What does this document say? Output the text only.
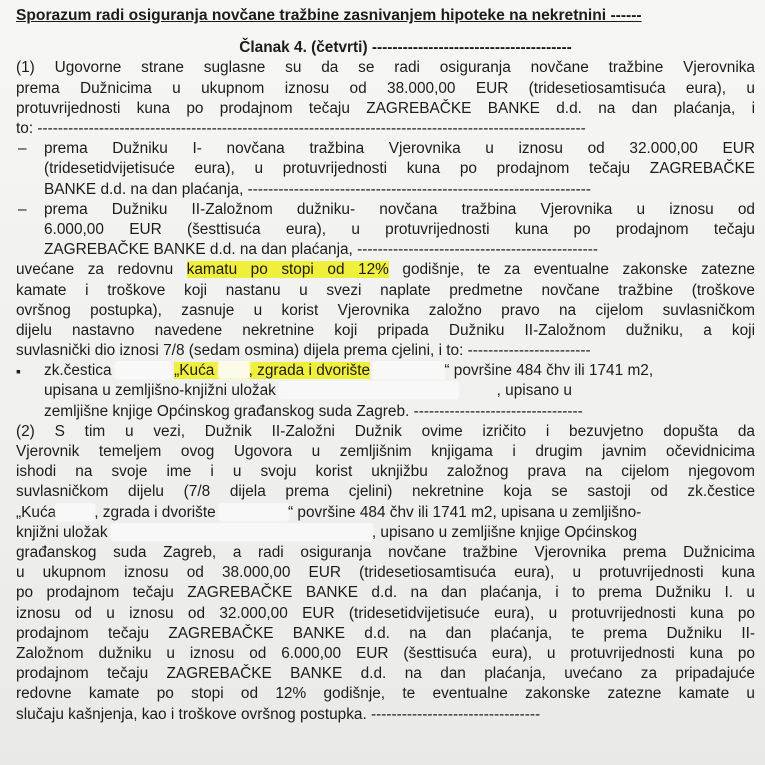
Sporazum radi osiguranja novčane tražbine zasnivanjem hipoteke na nekretnini ------
Članak 4. (četvrti) ---------------------------------------
(1) Ugovorne strane suglasne su da se radi osiguranja novčane tražbine Vjerovnika
prema Dužnicima u ukupnom iznosu od 38.000,00 EUR (tridesetiosamtisuća eura), u
protuvrijednosti kuna po prodajnom tečaju ZAGREBAČKE BANKE d.d. na dan plaćanja, i
to: -----------------------------------------------------------------------------------------------------------
– prema Dužniku I- novčana tražbina Vjerovnika u iznosu od 32.000,00 EUR
(tridesetidvijetisuće eura), u protuvrijednosti kuna po prodajnom tečaju ZAGREBAČKE
BANKE d.d. na dan plaćanja, -------------------------------------------------------------------
– prema Dužniku II-Založnom dužniku- novčana tražbina Vjerovnika u iznosu od
6.000,00 EUR (šesttisuća eura), u protuvrijednosti kuna po prodajnom tečaju
ZAGREBAČKE BANKE d.d. na dan plaćanja, -----------------------------------------------
uvećane za redovnu kamatu po stopi od 12% godišnje, te za eventualne zakonske zatezne
kamate i troškove koji nastanu u svezi naplate predmetne novčane tražbine (troškove
ovršnog postupka), zasnuje u korist Vjerovnika založno pravo na cijelom suvlasničkom
dijelu nastavno navedene nekretnine koji pripada Dužniku II-Založnom dužniku, a koji
suvlasnički dio iznosi 7/8 (sedam osmina) dijela prema cjelini, i to: ------------------------
▪ zk.čestica	„Kuća , zgrada i dvorište	“ površine 484 čhv ili 1741 m2,
upisana u zemljišno-knjižni uložak	, upisano u
zemljišne knjige Općinskog građanskog suda Zagreb. ---------------------------------
(2) S tim u vezi, Dužnik II-Založni Dužnik ovime izričito i bezuvjetno dopušta da
Vjerovnik temeljem ovog Ugovora u zemljišnim knjigama i drugim javnim očevidnicima
ishodi na svoje ime i u svoju korist uknjižbu založnog prava na cijelom njegovom
suvlasničkom dijelu (7/8 dijela prema cjelini) nekretnine koja se sastoji od zk.čestice
„Kuća , zgrada i dvorište	“ površine 484 čhv ili 1741 m2, upisana u zemljišno-
knjižni uložak	, upisano u zemljišne knjige Općinskog
građanskog suda Zagreb, a radi osiguranja novčane tražbine Vjerovnika prema Dužnicima
u ukupnom iznosu od 38.000,00 EUR (tridesetiosamtisuća eura), u protuvrijednosti kuna
po prodajnom tečaju ZAGREBAČKE BANKE d.d. na dan plaćanja, i to prema Dužniku I. u
iznosu od u iznosu od 32.000,00 EUR (tridesetidvijetisuće eura), u protuvrijednosti kuna po
prodajnom tečaju ZAGREBAČKE BANKE d.d. na dan plaćanja, te prema Dužniku II-
Založnom dužniku u iznosu od 6.000,00 EUR (šesttisuća eura), u protuvrijednosti kuna po
prodajnom tečaju ZAGREBAČKE BANKE d.d. na dan plaćanja, uvećano za pripadajuće
redovne kamate po stopi od 12% godišnje, te eventualne zakonske zatezne kamate u
slučaju kašnjenja, kao i troškove ovršnog postupka. ---------------------------------
